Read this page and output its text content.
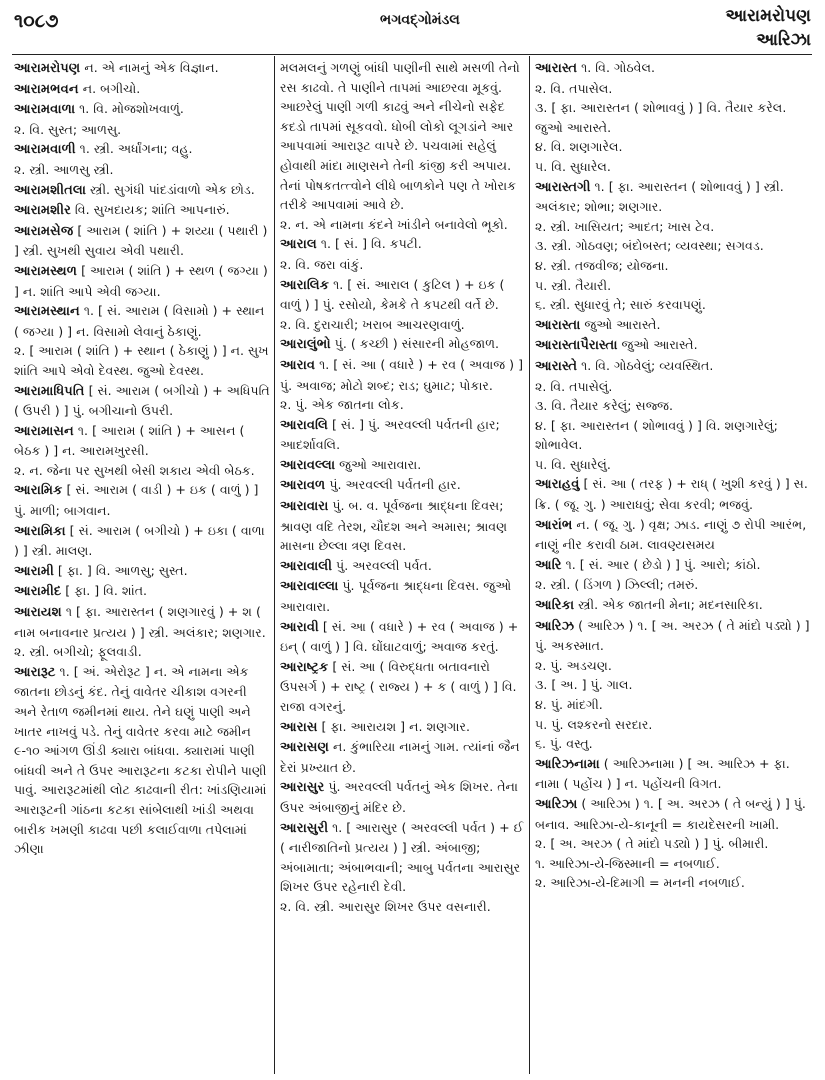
૧૦૮૭	ભગવદ્ગોમંડલ	આરામરોપણ
આરિઝા

આરામરોપણ ન. એ નામનું એક વિજ્ઞાન.

આરામભવન ન. બગીચો.

આરામવાળા ૧. વિ. મોજશોખવાળું.

૨. વિ. સુસ્ત; આળસુ.

આરામવાળી ૧. સ્ત્રી. અર્ધાંગના; વહુ.

૨. સ્ત્રી. આળસુ સ્ત્રી.

આરામશીતલા સ્ત્રી. સુગંધી પાંદડાંવાળો એક છોડ.

આરામશીર વિ. સુખદાયક; શાંતિ આપનારું.

આરામસેજ [ આરામ ( શાંતિ ) + શય્યા ( પથારી ) ] સ્ત્રી. સુખથી સુવાય એવી પથારી.

આરામસ્થળ [ આરામ ( શાંતિ ) + સ્થળ ( જગ્યા ) ] ન. શાંતિ આપે એવી જગ્યા.

આરામસ્થાન ૧. [ સં. આરામ ( વિસામો ) + સ્થાન ( જગ્યા ) ] ન. વિસામો લેવાનું ઠેકાણું.

૨. [ આરામ ( શાંતિ ) + સ્થાન ( ઠેકાણું ) ] ન. સુખ શાંતિ આપે એવો દેવસ્થ. જુઓ દેવસ્થ.

આરામાધિપતિ [ સં. આરામ ( બગીચો ) + અધિપતિ ( ઉપરી ) ] પું. બગીચાનો ઉપરી.

આરામાસન ૧. [ આરામ ( શાંતિ ) + આસન ( બેઠક ) ] ન. આરામખુરસી.

૨. ન. જેના પર સુખથી બેસી શકાય એવી બેઠક.

આરામિક [ સં. આરામ ( વાડી ) + ઇક ( વાળું ) ] પું. માળી; બાગવાન.

આરામિકા [ સં. આરામ ( બગીચો ) + ઇકા ( વાળા ) ] સ્ત્રી. માલણ.

આરામી [ ફા. ] વિ. આળસુ; સુસ્ત.

આરામીદ [ ફા. ] વિ. શાંત.

આરાયશ ૧ [ ફા. આરાસ્તન ( શણગારવું ) + શ ( નામ બનાવનાર પ્રત્યય ) ] સ્ત્રી. અલંકાર; શણગાર.

૨. સ્ત્રી. બગીચો; ફૂલવાડી.

આરારૂટ ૧. [ અં. એરોરૂટ ] ન. એ નામના એક જાતના છોડનું કંદ. તેનું વાવેતર ચીકાશ વગરની અને રેતાળ જમીનમાં થાય. તેને ઘણું પાણી અને ખાતર નાખવું પડે. તેનું વાવેતર કરવા માટે જમીન ૯-૧૦ આંગળ ઊંડી ક્યારા બાંધવા. ક્યારામાં પાણી બાંધવી અને તે ઉપર આરારૂટના કટકા રોપીને પાણી પાવું. આરારૂટમાંથી લોટ કાઢવાની રીત: ખાંડણિયામાં આરારૂટની ગાંઠના કટકા સાંબેલાથી ખાંડી અથવા બારીક ખમણી કાઢવા પછી કલાઈવાળા તપેલામાં ઝીણા

મલમલનું ગળણું બાંધી પાણીની સાથે મસળી તેનો રસ કાઢવો. તે પાણીને તાપમાં આછરવા મૂકવું. આછરેલું પાણી ગળી કાઢવું અને નીચેનો સફેદ કદડો તાપમાં સૂકવવો. ધોબી લોકો લૂગડાંને આર આપવામાં આરારૂટ વાપરે છે. પચવામાં સહેલું હોવાથી માંદા માણસને તેની કાંજી કરી અપાય. તેનાં પોષકતત્ત્વોને લીધે બાળકોને પણ તે ખોરાક તરીકે આપવામાં આવે છે.

૨. ન. એ નામના કંદને ખાંડીને બનાવેલો ભૂકો.

આરાલ ૧. [ સં. ] વિ. કપટી.

૨. વિ. જરા વાંકું.

આરાલિક ૧. [ સં. આરાલ ( કુટિલ ) + ઇક ( વાળું ) ] પું. રસોયો, કેમકે તે કપટથી વર્તે છે.

૨. વિ. દુરાચારી; ખરાબ આચરણવાળું.

આરાલુંભો પું. ( કચ્છી ) સંસારની મોહજાળ.

આરાવ ૧. [ સં. આ ( વધારે ) + રવ ( અવાજ ) ] પું. અવાજ; મોટો શબ્દ; રાડ; ઘુમાટ; પોકાર.

૨. પું. એક જાતના લોક.

આરાવલિ [ સં. ] પું. અરવલ્લી પર્વતની હાર; આદર્શાવલિ.

આરાવલ્લા જુઓ આરાવારા.

આરાવળ પું. અરવલ્લી પર્વતની હાર.

આરાવારા પું. બ. વ. પૂર્વજના શ્રાદ્ધના દિવસ; શ્રાવણ વદિ તેરશ, ચૌદશ અને અમાસ; શ્રાવણ માસના છેલ્લા ત્રણ દિવસ.

આરાવાલી પું. અરવલ્લી પર્વત.

આરાવાલ્લા પું. પૂર્વજના શ્રાદ્ધના દિવસ. જુઓ આરાવારા.

આરાવી [ સં. આ ( વધારે ) + રવ ( અવાજ ) + ઇન્ ( વાળું ) ] વિ. ઘોંઘાટવાળું; અવાજ કરતું.

આરાષ્ટ્રક [ સં. આ ( વિરુદ્ધતા બતાવનારો ઉપસર્ગ ) + રાષ્ટ્ર ( રાજ્ય ) + ક ( વાળું ) ] વિ. રાજા વગરનું.

આરાસ [ ફા. આરાયશ ] ન. શણગાર.

આરાસણ ન. કુંભારિયા નામનું ગામ. ત્યાંનાં જૈન દેરાં પ્રખ્યાત છે.

આરાસુર પું. અરવલ્લી પર્વતનું એક શિખર. તેના ઉપર અંબાજીનું મંદિર છે.

આરાસુરી ૧. [ આરાસુર ( અરવલ્લી પર્વત ) + ઈ ( નારીજાતિનો પ્રત્યય ) ] સ્ત્રી. અંબાજી; અંબામાતા; અંબાભવાની; આબુ પર્વતના આરાસુર શિખર ઉપર રહેનારી દેવી.

૨. વિ. સ્ત્રી. આરાસુર શિખર ઉપર વસનારી.

આરાસ્ત ૧. વિ. ગોઠવેલ.

૨. વિ. તપાસેલ.

૩. [ ફા. આરાસ્તન ( શોભાવવું ) ] વિ. તૈયાર કરેલ. જુઓ આરાસ્તે.

૪. વિ. શણગારેલ.

૫. વિ. સુધારેલ.

આરાસ્તગી ૧. [ ફા. આરાસ્તન ( શોભાવવું ) ] સ્ત્રી. અલંકાર; શોભા; શણગાર.

૨. સ્ત્રી. ખાસિયત; આદત; ખાસ ટેવ.

૩. સ્ત્રી. ગોઠવણ; બંદોબસ્ત; વ્યવસ્થા; સગવડ.

૪. સ્ત્રી. તજવીજ; યોજના.

૫. સ્ત્રી. તૈયારી.

૬. સ્ત્રી. સુધારવું તે; સારું કરવાપણું.

આરાસ્તા જુઓ આરાસ્તે.

આરાસ્તાપૈરાસ્તા જુઓ આરાસ્તે.

આરાસ્તે ૧. વિ. ગોઠવેલું; વ્યવસ્થિત.

૨. વિ. તપાસેલું.

૩. વિ. તૈયાર કરેલું; સજ્જ.

૪. [ ફા. આરાસ્તન ( શોભાવવું ) ] વિ. શણગારેલું; શોભાવેલ.

૫. વિ. સુધારેલું.

આરાહવું [ સં. આ ( તરફ ) + રાધ્ ( ખુશી કરવું ) ] સ. ક્રિ. ( જૂ. ગુ. ) આરાધવું; સેવા કરવી; ભજવું.

આરાંભ ન. ( જૂ. ગુ. ) વૃક્ષ; ઝાડ. નાણું ૭ રોપી આરંભ, નાણું નીર કરાવી ઠામ. લાવણ્યસમય

આરિ ૧. [ સં. આર ( છેડો ) ] પું. આરો; કાંઠો.

૨. સ્ત્રી. ( ડિંગળ ) ઝિલ્લી; તમરું.

આરિકા સ્ત્રી. એક જાતની મેના; મદનસારિકા.

આરિઝ ( આરિઝ ) ૧. [ અ. અરઝ ( તે માંદો પડ્યો ) ] પું. અકસ્માત.

૨. પું. અડચણ.

૩. [ અ. ] પું. ગાલ.

૪. પું. માંદગી.

૫. પું. લશ્કરનો સરદાર.

૬. પું. વસ્તુ.

આરિઝનામા ( આરિઝનામા ) [ અ. આરિઝ + ફા. નામા ( પહોંચ ) ] ન. પહોંચની વિગત.

આરિઝા ( આરિઝા ) ૧. [ અ. અરઝ ( તે બન્યું ) ] પું. બનાવ. આરિઝા-યે-કાનૂની = કાયદેસરની ખામી.

૨. [ અ. અરઝ ( તે માંદો પડ્યો ) ] પું. બીમારી.

૧. આરિઝા-યે-જિસ્માની = નબળાઈ.

૨. આરિઝા-યે-દિમાગી = મનની નબળાઈ.
